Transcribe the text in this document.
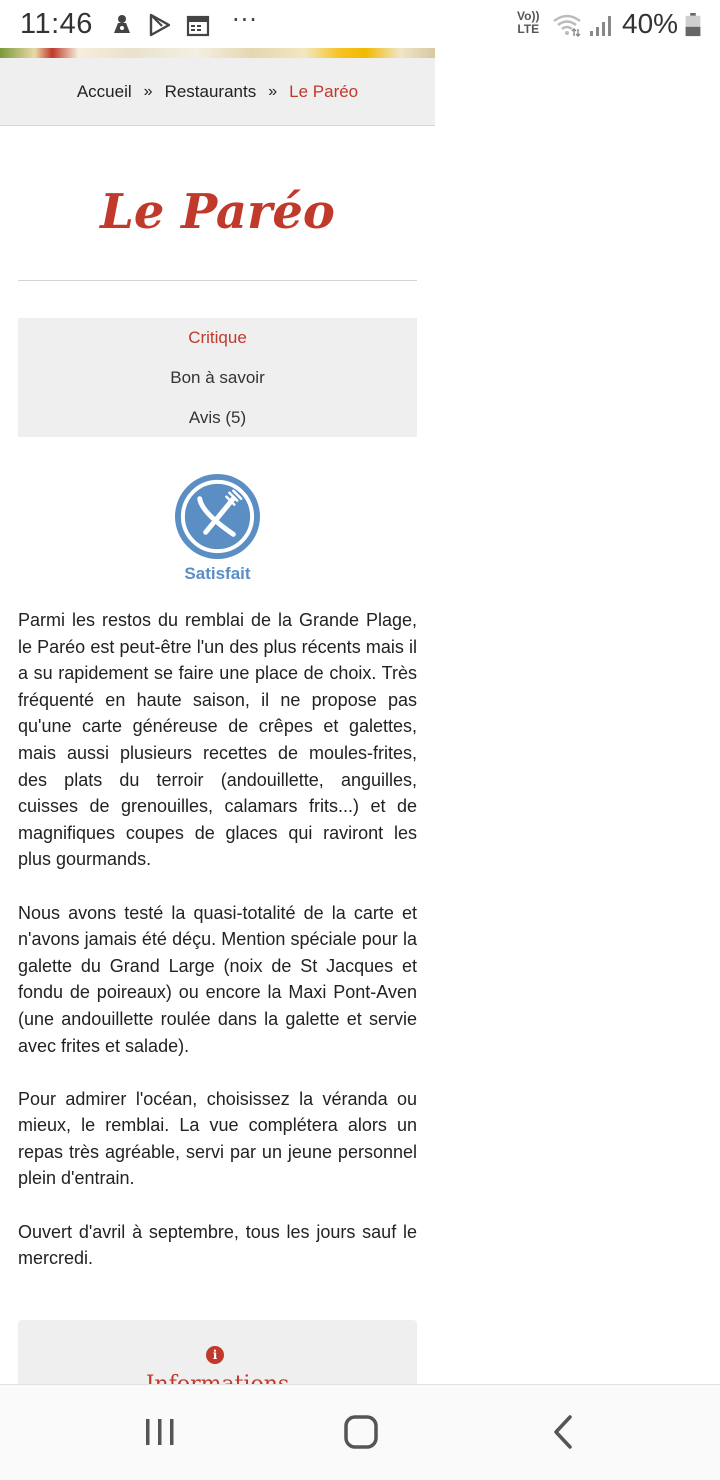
11:46	···	Vo))
LTE	40%
Accueil » Restaurants » Le Paréo
Le Paréo
Critique
Bon à savoir
Avis (5)
Satisfait

Parmi les restos du remblai de la Grande Plage, le Paréo est peut-être l'un des plus récents mais il a su rapidement se faire une place de choix. Très fréquenté en haute saison, il ne propose pas qu'une carte généreuse de crêpes et galettes, mais aussi plusieurs recettes de moules-frites, des plats du terroir (andouillette, anguilles, cuisses de grenouilles, calamars frits...) et de magnifiques coupes de glaces qui raviront les plus gourmands.

Nous avons testé la quasi-totalité de la carte et n'avons jamais été déçu. Mention spéciale pour la galette du Grand Large (noix de St Jacques et fondu de poireaux) ou encore la Maxi Pont-Aven (une andouillette roulée dans la galette et servie avec frites et salade).

Pour admirer l'océan, choisissez la véranda ou mieux, le remblai. La vue complétera alors un repas très agréable, servi par un jeune personnel plein d'entrain.

Ouvert d'avril à septembre, tous les jours sauf le mercredi.

i
